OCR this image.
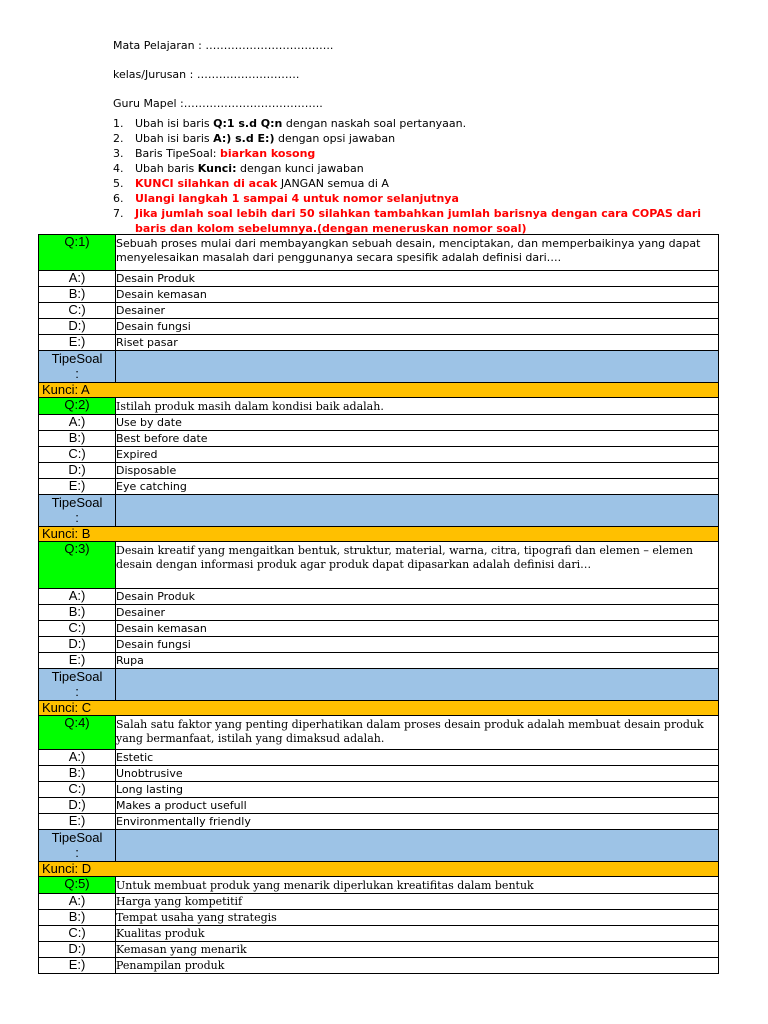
Mata Pelajaran : ……………………………..
kelas/Jurusan : ……………………….
Guru Mapel :………………………………..
1. Ubah isi baris Q:1 s.d Q:n dengan naskah soal pertanyaan.
2. Ubah isi baris A:) s.d E:) dengan opsi jawaban
3. Baris TipeSoal: biarkan kosong
4. Ubah baris Kunci: dengan kunci jawaban
5. KUNCI silahkan di acak JANGAN semua di A
6. Ulangi langkah 1 sampai 4 untuk nomor selanjutnya
7. Jika jumlah soal lebih dari 50 silahkan tambahkan jumlah barisnya dengan cara COPAS dari baris dan kolom sebelumnya.(dengan meneruskan nomor soal)
Q:1)	Sebuah proses mulai dari membayangkan sebuah desain, menciptakan, dan memperbaikinya yang dapat menyelesaikan masalah dari penggunanya secara spesifik adalah definisi dari….

A:)	Desain Produk
B:)	Desain kemasan
C:)	Desainer
D:)	Desain fungsi
E:)	Riset pasar
TipeSoal
:	
Kunci: A	
Q:2)	Istilah produk masih dalam kondisi baik adalah.

A:)	Use by date
B:)	Best before date
C:)	Expired
D:)	Disposable
E:)	Eye catching
TipeSoal
:	
Kunci: B	
Q:3)	Desain kreatif yang mengaitkan bentuk, struktur, material, warna, citra, tipografi dan elemen – elemen desain dengan informasi produk agar produk dapat dipasarkan adalah definisi dari…

A:)	Desain Produk
B:)	Desainer
C:)	Desain kemasan
D:)	Desain fungsi
E:)	Rupa
TipeSoal
:	
Kunci: C	
Q:4)	Salah satu faktor yang penting diperhatikan dalam proses desain produk adalah membuat desain produk yang bermanfaat, istilah yang dimaksud adalah.

A:)	Estetic
B:)	Unobtrusive
C:)	Long lasting
D:)	Makes a product usefull
E:)	Environmentally friendly
TipeSoal
:	
Kunci: D	
Q:5)	Untuk membuat produk yang menarik diperlukan kreatifitas dalam bentuk

A:)	Harga yang kompetitif
B:)	Tempat usaha yang strategis
C:)	Kualitas produk
D:)	Kemasan yang menarik
E:)	Penampilan produk
